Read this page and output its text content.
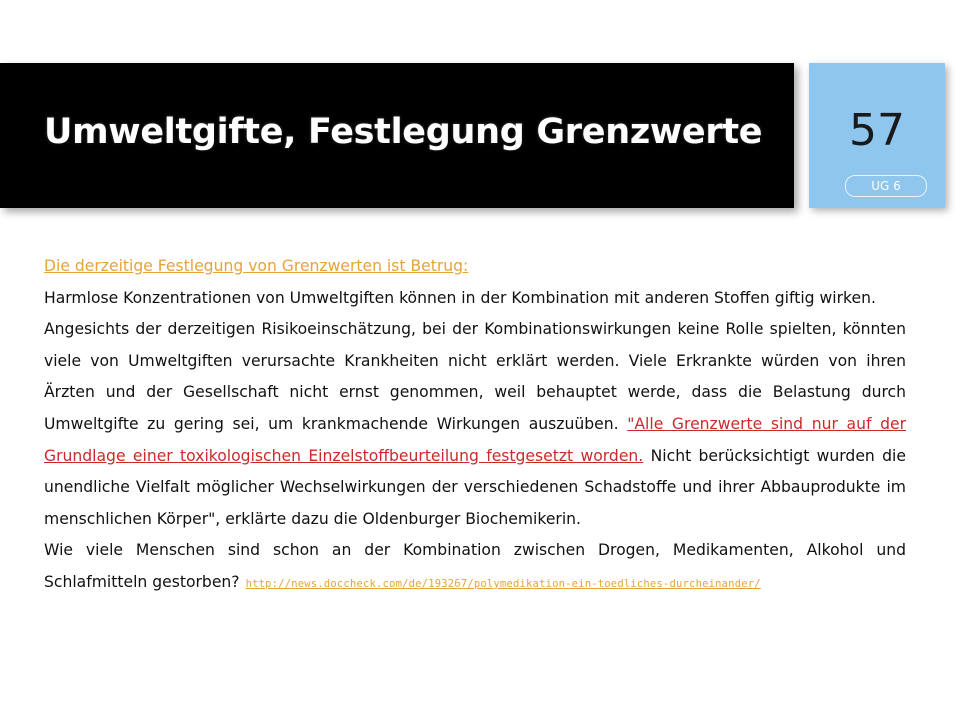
Umweltgifte, Festlegung Grenzwerte	57
UG 6

Die derzeitige Festlegung von Grenzwerten ist Betrug:

Harmlose Konzentrationen von Umweltgiften können in der Kombination mit anderen Stoffen giftig wirken.

Angesichts der derzeitigen Risikoeinschätzung, bei der Kombinationswirkungen keine Rolle spielten, könnten viele von Umweltgiften verursachte Krankheiten nicht erklärt werden. Viele Erkrankte würden von ihren Ärzten und der Gesellschaft nicht ernst genommen, weil behauptet werde, dass die Belastung durch Umweltgifte zu gering sei, um krankmachende Wirkungen auszuüben. "Alle Grenzwerte sind nur auf der Grundlage einer toxikologischen Einzelstoffbeurteilung festgesetzt worden. Nicht berücksichtigt wurden die unendliche Vielfalt möglicher Wechselwirkungen der verschiedenen Schadstoffe und ihrer Abbauprodukte im menschlichen Körper", erklärte dazu die Oldenburger Biochemikerin.

Wie viele Menschen sind schon an der Kombination zwischen Drogen, Medikamenten, Alkohol und Schlafmitteln gestorben? http://news.doccheck.com/de/193267/polymedikation-ein-toedliches-durcheinander/
